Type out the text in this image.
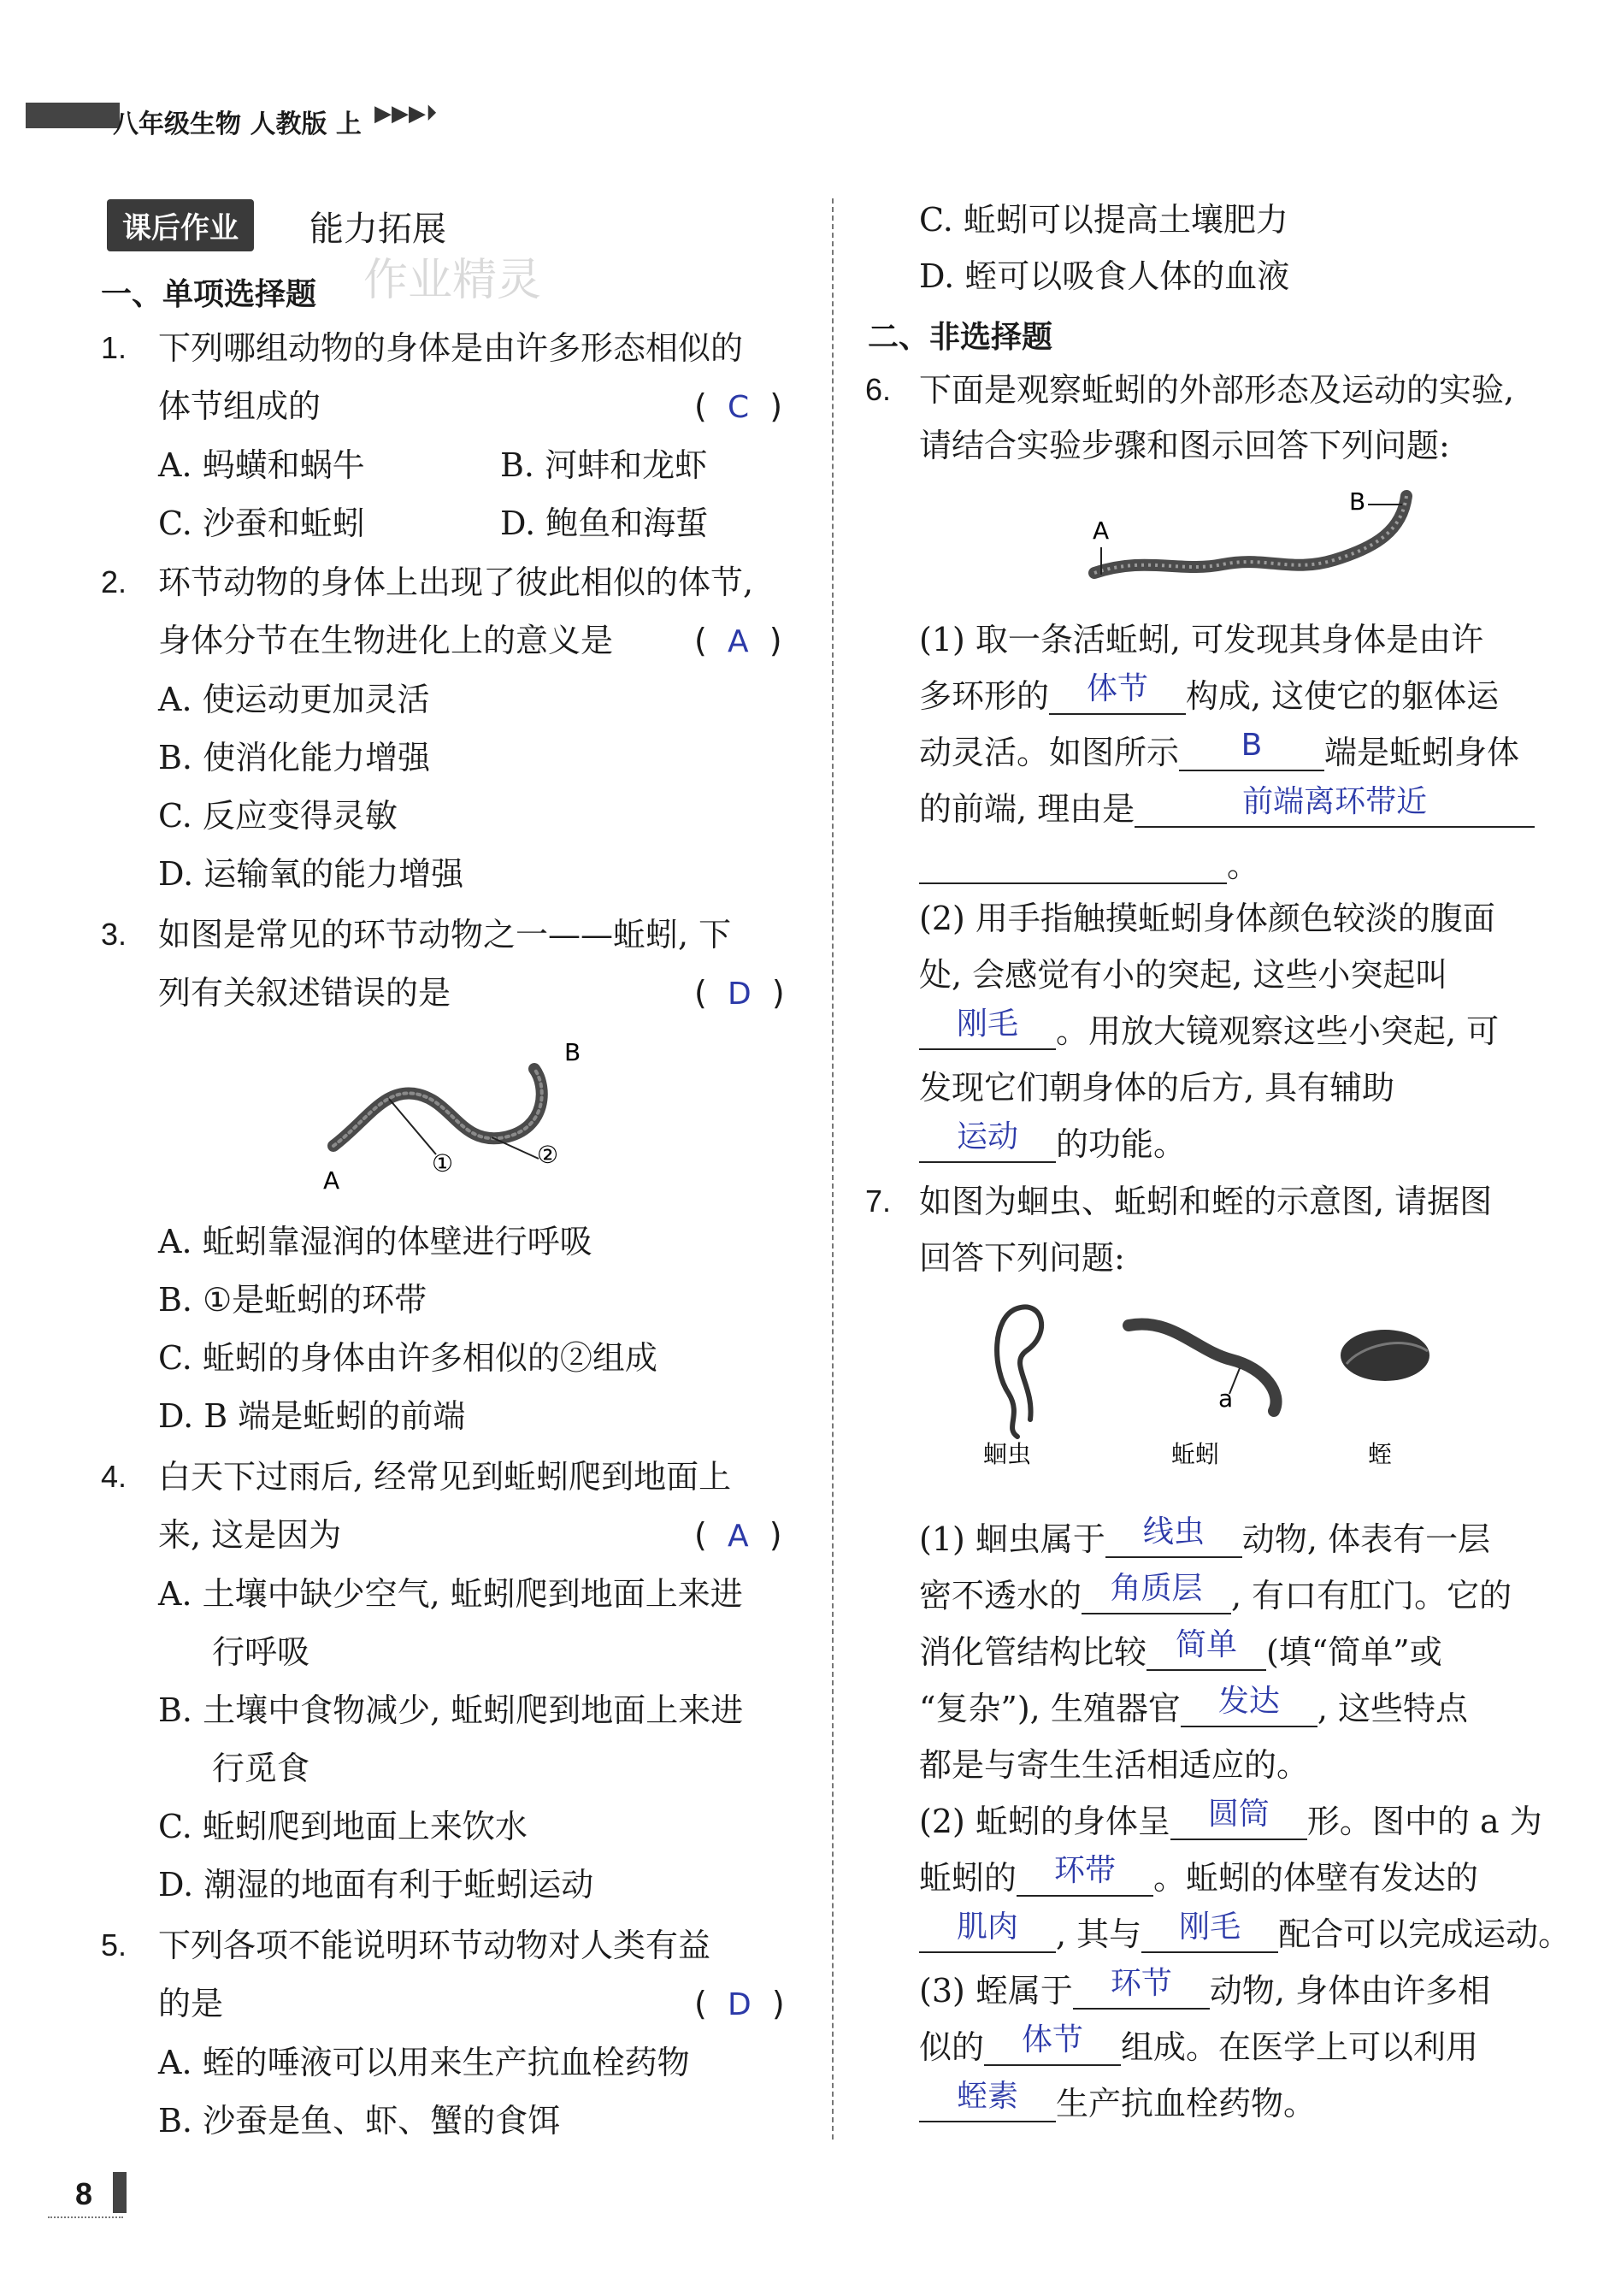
八年级生物 人教版 上 ▶▶▶⏵
课后作业	能力拓展
作业精灵
一、单项选择题
1. 下列哪组动物的身体是由许多形态相似的
体节组成的	(  C  )
A. 蚂蟥和蜗牛	B. 河蚌和龙虾
C. 沙蚕和蚯蚓	D. 鲍鱼和海蜇
2. 环节动物的身体上出现了彼此相似的体节,
身体分节在生物进化上的意义是 (  A  )
A. 使运动更加灵活
B. 使消化能力增强
C. 反应变得灵敏
D. 运输氧的能力增强
3. 如图是常见的环节动物之一——蚯蚓, 下
列有关叙述错误的是	(  D  )
A
B
①	②
A. 蚯蚓靠湿润的体壁进行呼吸
B. ①是蚯蚓的环带
C. 蚯蚓的身体由许多相似的②组成
D. B 端是蚯蚓的前端
4. 白天下过雨后, 经常见到蚯蚓爬到地面上
来, 这是因为	(  A  )
A. 土壤中缺少空气, 蚯蚓爬到地面上来进
行呼吸
B. 土壤中食物减少, 蚯蚓爬到地面上来进
行觅食
C. 蚯蚓爬到地面上来饮水
D. 潮湿的地面有利于蚯蚓运动
5. 下列各项不能说明环节动物对人类有益
的是	(  D  )
A. 蛭的唾液可以用来生产抗血栓药物
B. 沙蚕是鱼、虾、蟹的食饵
C. 蚯蚓可以提高土壤肥力
D. 蛭可以吸食人体的血液
二、非选择题
6. 下面是观察蚯蚓的外部形态及运动的实验,
请结合实验步骤和图示回答下列问题:
A
B
(1) 取一条活蚯蚓, 可发现其身体是由许
多环形的	体节	构成, 这使它的躯体运
动灵活。如图所示	B	端是蚯蚓身体
的前端, 理由是	前端离环带近
。
(2) 用手指触摸蚯蚓身体颜色较淡的腹面
处, 会感觉有小的突起, 这些小突起叫
刚毛	。用放大镜观察这些小突起, 可
发现它们朝身体的后方, 具有辅助
运动	的功能。
7. 如图为蛔虫、蚯蚓和蛭的示意图, 请据图
回答下列问题:
a
蛔虫	蚯蚓	蛭
(1) 蛔虫属于	线虫	动物, 体表有一层
密不透水的 角质层 , 有口有肛门。它的
消化管结构比较 简单 (填“简单”或
“复杂”), 生殖器官	发达	, 这些特点
都是与寄生生活相适应的。
(2) 蚯蚓的身体呈	圆筒	形。图中的 a 为
蚯蚓的	环带	。蚯蚓的体壁有发达的
肌肉	, 其与	刚毛	配合可以完成运动。
(3) 蛭属于	环节	动物, 身体由许多相
似的	体节	组成。在医学上可以利用
蛭素	生产抗血栓药物。
8
